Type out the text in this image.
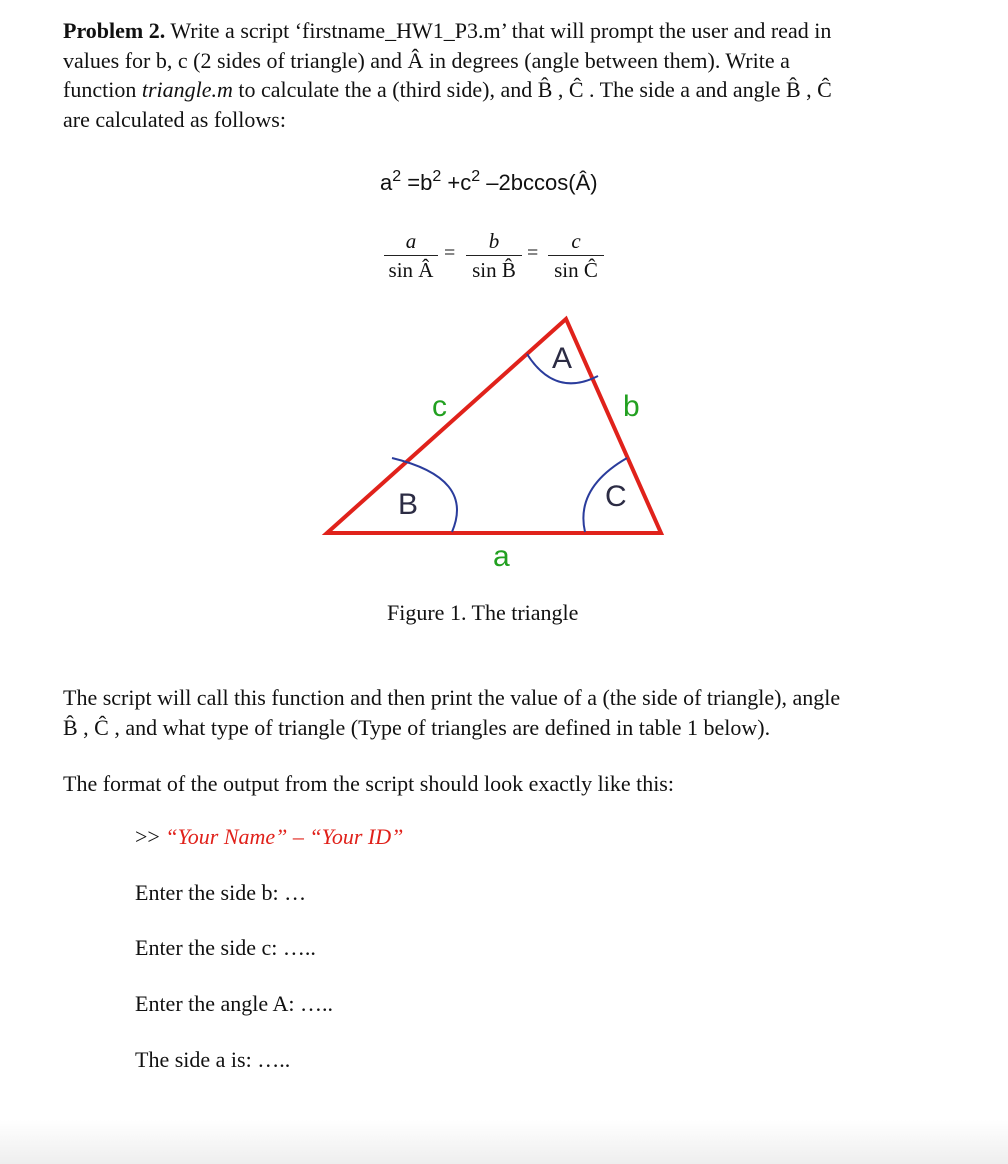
Problem 2. Write a script ‘firstname_HW1_P3.m’ that will prompt the user and read in
values for b, c (2 sides of triangle) and Â in degrees (angle between them). Write a
function triangle.m to calculate the a (third side), and B̂ , Ĉ . The side a and angle B̂ , Ĉ
are calculated as follows:
$a^2 =b^2 +c^2$ –2bccos(Â)
a
sin Â
=	b
sin B̂
=	c
sin Ĉ
A
B	C
c	b
a
Figure 1. The triangle
The script will call this function and then print the value of a (the side of triangle), angle
B̂ , Ĉ , and what type of triangle (Type of triangles are defined in table 1 below).
The format of the output from the script should look exactly like this:
>> “Your Name” – “Your ID”
Enter the side b: …
Enter the side c: …..
Enter the angle A: …..
The side a is: …..
